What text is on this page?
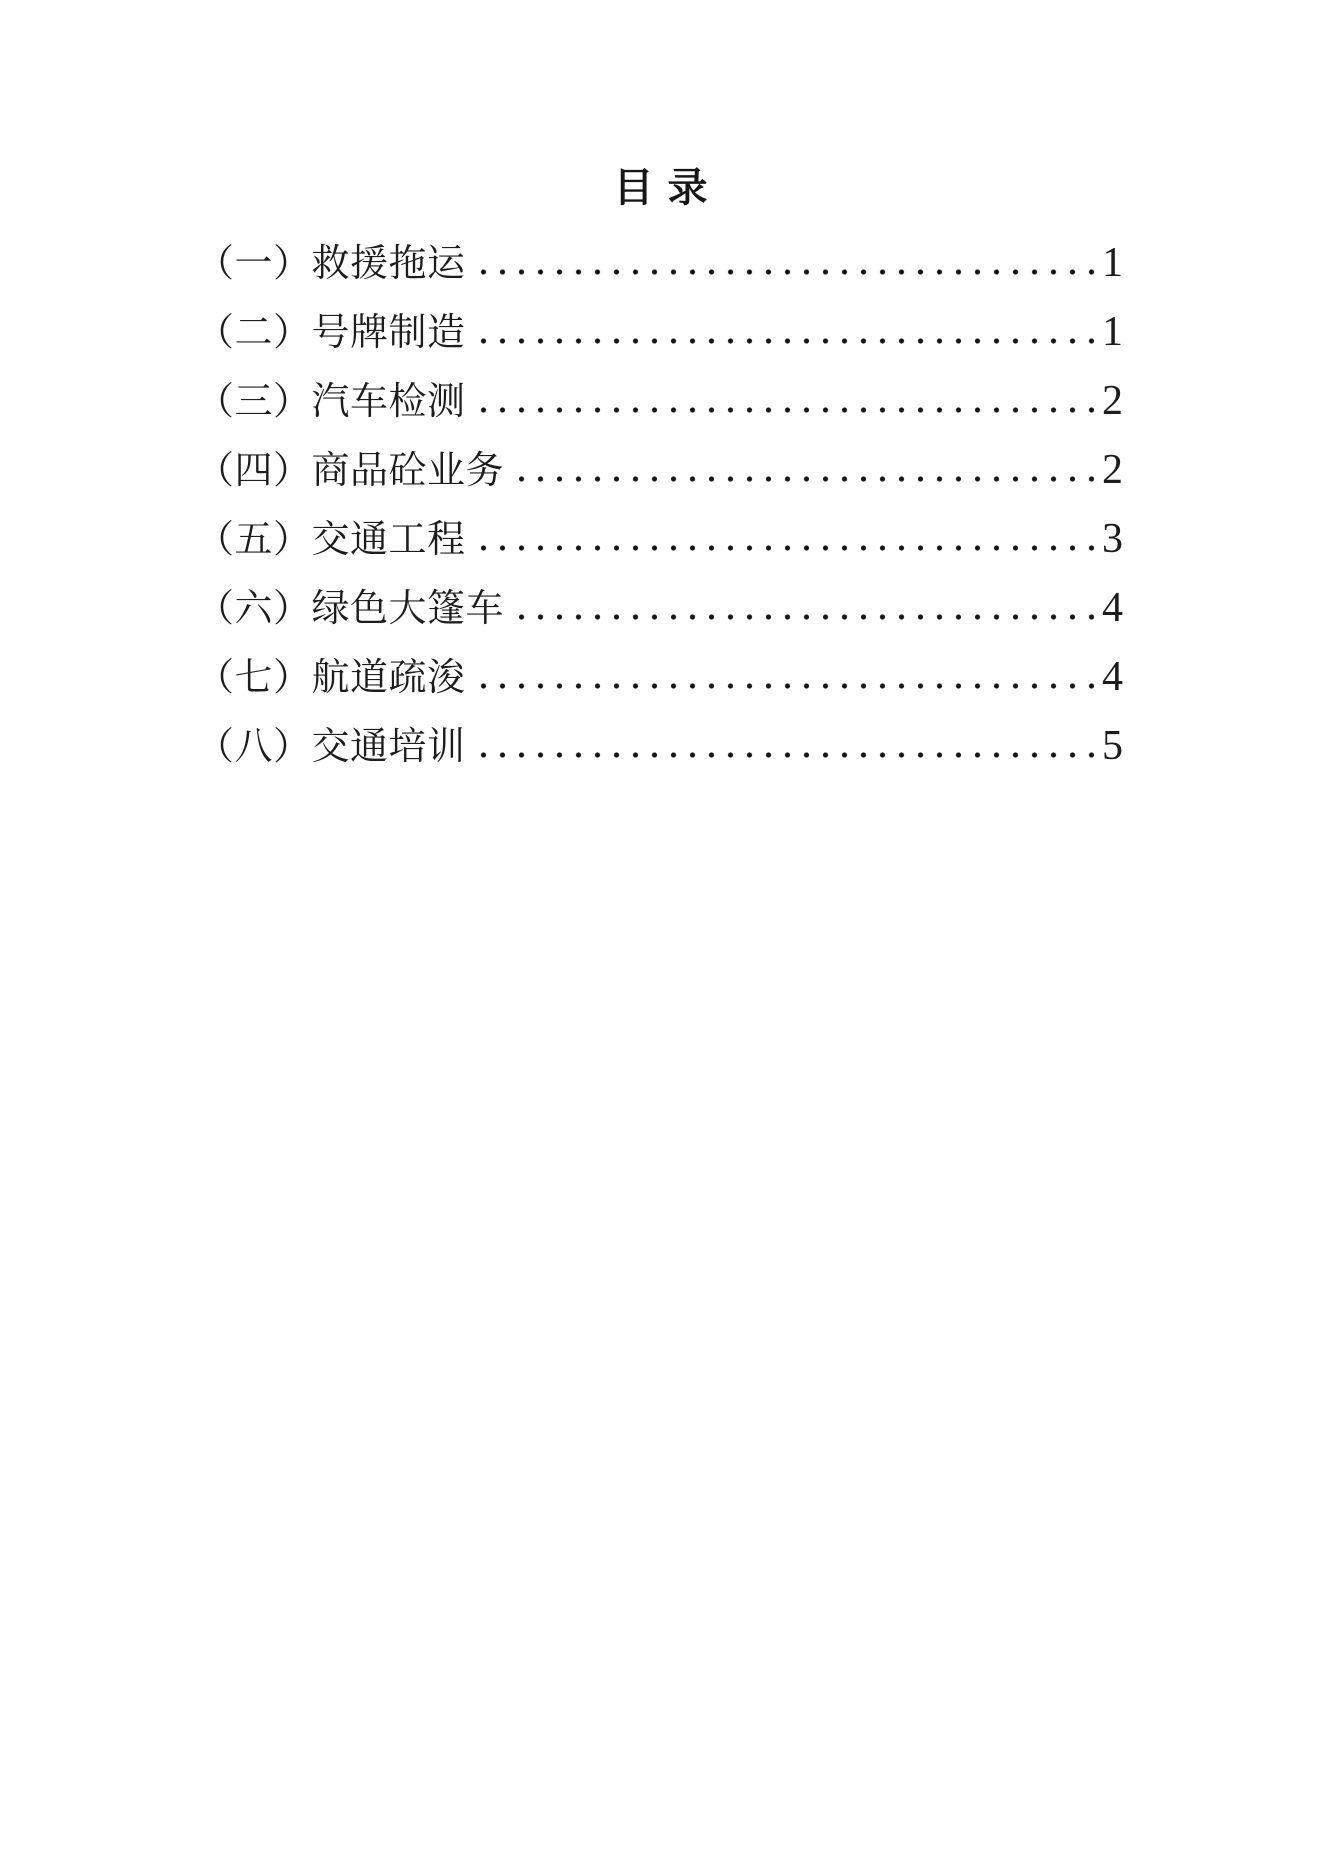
目 录
（一）救援拖运	1
（二）号牌制造	1
（三）汽车检测	2
（四）商品砼业务	2
（五）交通工程	3
（六）绿色大篷车	4
（七）航道疏浚	4
（八）交通培训	5
